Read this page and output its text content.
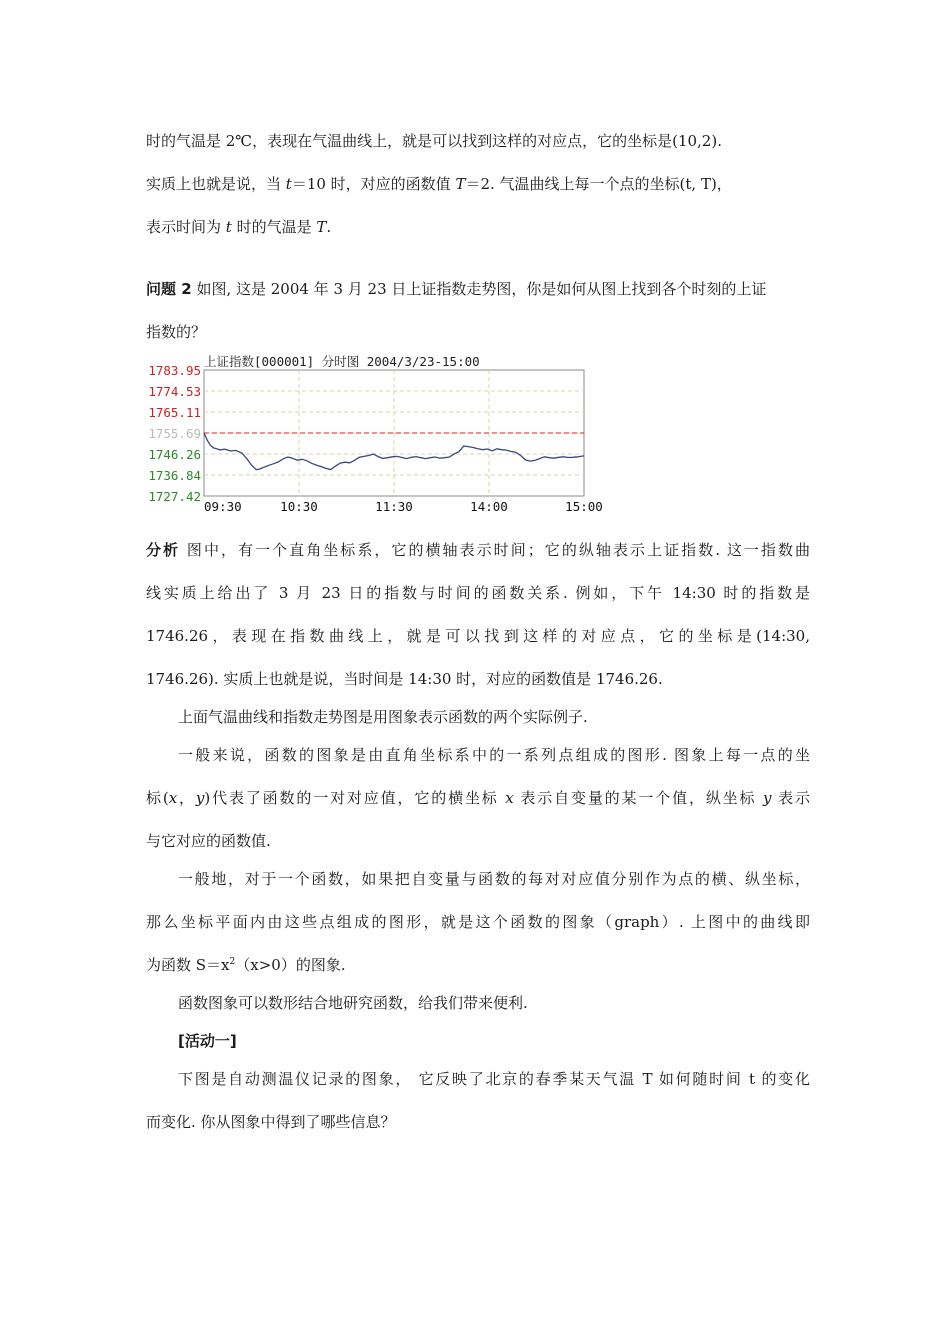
时的气温是 2℃，表现在气温曲线上，就是可以找到这样的对应点，它的坐标是(10,2).
实质上也就是说，当 t＝10 时，对应的函数值 T＝2. 气温曲线上每一个点的坐标(t, T)，
表示时间为 t 时的气温是 T.
问题 2 如图, 这是 2004 年 3 月 23 日上证指数走势图，你是如何从图上找到各个时刻的上证
指数的？
上证指数[000001] 分时图 2004/3/23-15:00
1783.95
1774.53
1765.11
1755.69
1746.26
1736.84
1727.42
09:30	10:30	11:30	14:00	15:00
分析 图中，有一个直角坐标系，它的横轴表示时间；它的纵轴表示上证指数. 这一指数曲
线实质上给出了 3 月 23 日的指数与时间的函数关系. 例如，下午 14:30 时的指数是
1746.26，表现在指数曲线上，就是可以找到这样的对应点，它的坐标是(14:30,
1746.26). 实质上也就是说，当时间是 14:30 时，对应的函数值是 1746.26.
上面气温曲线和指数走势图是用图象表示函数的两个实际例子.
一般来说，函数的图象是由直角坐标系中的一系列点组成的图形. 图象上每一点的坐
标(x，y)代表了函数的一对对应值，它的横坐标 x 表示自变量的某一个值，纵坐标 y 表示
与它对应的函数值.
一般地，对于一个函数，如果把自变量与函数的每对对应值分别作为点的横、纵坐标，
那么坐标平面内由这些点组成的图形，就是这个函数的图象（graph）. 上图中的曲线即
为函数 $S=x^2(x>0)$的图象.
函数图象可以数形结合地研究函数，给我们带来便利.
[活动一]
下图是自动测温仪记录的图象， 它反映了北京的春季某天气温 T 如何随时间 t 的变化
而变化. 你从图象中得到了哪些信息？
